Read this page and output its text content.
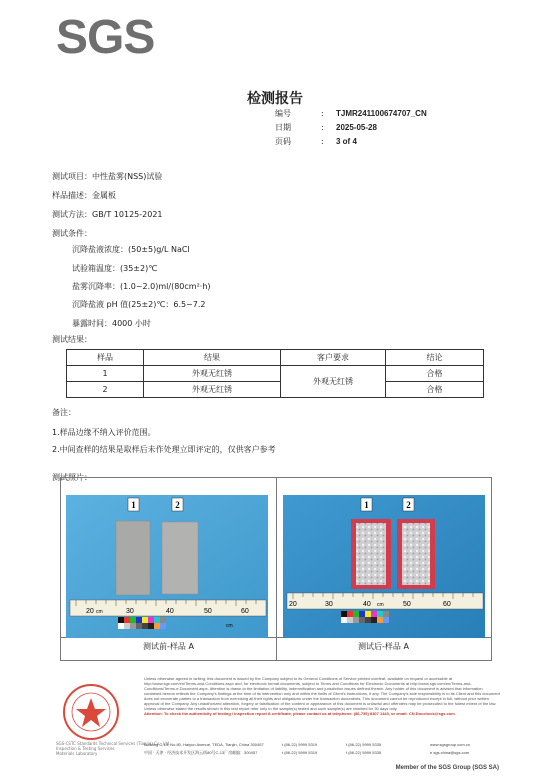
SGS
检测报告
编号	:	TJMR241100674707_CN
日期	:	2025-05-28
页码	:	3 of 4
测试项目：中性盐雾(NSS)试验
样品描述：金属板
测试方法：GB/T 10125-2021
测试条件：
沉降盐液浓度：(50±5)g/L NaCl
试验箱温度：(35±2)℃
盐雾沉降率：(1.0~2.0)ml/(80cm²·h)
沉降盐液 pH 值(25±2)℃：6.5~7.2
暴露时间：4000 小时
测试结果：
样品	结果	客户要求	结论
1	外观无红锈	外观无红锈	合格
2	外观无红锈		合格
备注：
1.样品边缘不纳入评价范围。
2.中间查样的结果是取样后未作处理立即评定的，仅供客户参考
测试照片：
1	2
20 cm	30	40	50	60
cm
测试前-样品 A
1	2
20	30	40 cm	50	60
测试后-样品 A
SGS-CSTC Standards Technical Services (Tianjin) Co., Ltd.
Inspection & Testing Services
Materials Laboratory
Unless otherwise agreed in writing, this document is issued by the Company subject to its General Conditions of Service printed overleaf, available on request or accessible at http://www.sgs.com/en/Terms-and-Conditions.aspx and, for electronic format documents, subject to Terms and Conditions for Electronic Documents at http://www.sgs.com/en/Terms-and-Conditions/Terms-e-Document.aspx. Attention is drawn to the limitation of liability, indemnification and jurisdiction issues defined therein. Any holder of this document is advised that information contained hereon reflects the Company's findings at the time of its intervention only and within the limits of Client's instructions, if any. The Company's sole responsibility is to its Client and this document does not exonerate parties to a transaction from exercising all their rights and obligations under the transaction documents. This document cannot be reproduced except in full, without prior written approval of the Company. Any unauthorized alteration, forgery or falsification of the content or appearance of this document is unlawful and offenders may be prosecuted to the fullest extent of the law. Unless otherwise stated the results shown in this test report refer only to the sample(s) tested and such sample(s) are retained for 30 days only.
Attention: To check the authenticity of testing / inspection report & certificate, please contact us at telephone: (86-755) 8307 1443, or email: CN.Doccheck@sgs.com
Building C-13, No.80, Haiyun Avenue, TEDA, Tianjin, China 300457	t (86-22) 5999 5319	f (86-22) 5999 5335	www.sgsgroup.com.cn
中国 · 天津 · 经济技术开发区海云街80号C-13厂房 邮编：300457	t (86-22) 5999 5319	f (86-22) 5999 5335	e sgs.china@sgs.com
Member of the SGS Group (SGS SA)
